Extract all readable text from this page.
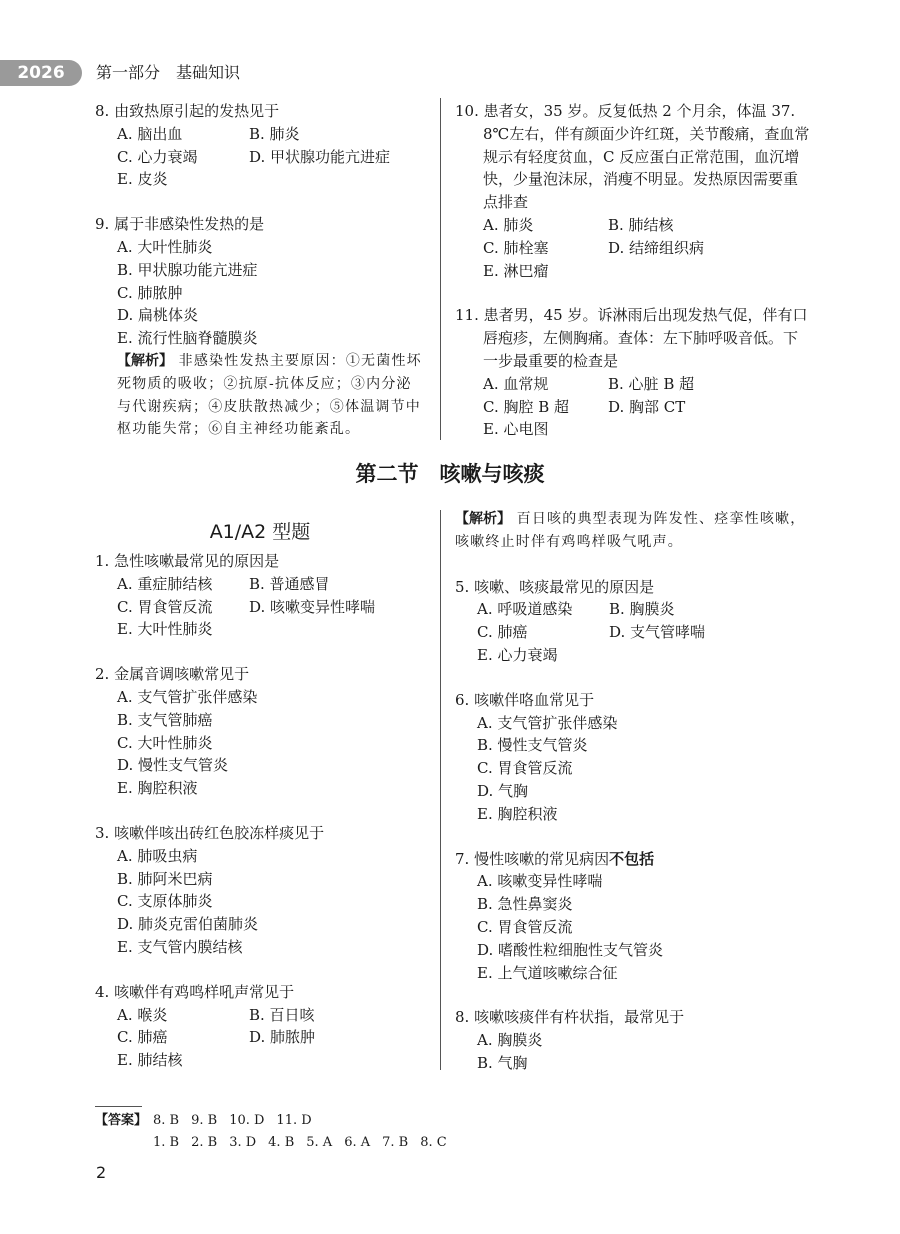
2026	第一部分　基础知识

8. 由致热原引起的发热见于

A. 脑出血	B. 肺炎
C. 心力衰竭	D. 甲状腺功能亢进症

E. 皮炎

9. 属于非感染性发热的是

A. 大叶性肺炎

B. 甲状腺功能亢进症

C. 肺脓肿

D. 扁桃体炎

E. 流行性脑脊髓膜炎

【解析】 非感染性发热主要原因：①无菌性坏死物质的吸收；②抗原-抗体反应；③内分泌与代谢疾病；④皮肤散热减少；⑤体温调节中枢功能失常；⑥自主神经功能紊乱。

10. 患者女，35 岁。反复低热 2 个月余，体温 37. 8℃左右，伴有颜面少许红斑，关节酸痛，查血常规示有轻度贫血，C 反应蛋白正常范围，血沉增快，少量泡沫尿，消瘦不明显。发热原因需要重点排查

A. 肺炎	B. 肺结核
C. 肺栓塞	D. 结缔组织病

E. 淋巴瘤

11. 患者男，45 岁。诉淋雨后出现发热气促，伴有口唇疱疹，左侧胸痛。查体：左下肺呼吸音低。下一步最重要的检查是

A. 血常规	B. 心脏 B 超
C. 胸腔 B 超	D. 胸部 CT

E. 心电图

第二节　咳嗽与咳痰
A1/A2 型题

1. 急性咳嗽最常见的原因是

A. 重症肺结核	B. 普通感冒
C. 胃食管反流	D. 咳嗽变异性哮喘

E. 大叶性肺炎

2. 金属音调咳嗽常见于

A. 支气管扩张伴感染

B. 支气管肺癌

C. 大叶性肺炎

D. 慢性支气管炎

E. 胸腔积液

3. 咳嗽伴咳出砖红色胶冻样痰见于

A. 肺吸虫病

B. 肺阿米巴病

C. 支原体肺炎

D. 肺炎克雷伯菌肺炎

E. 支气管内膜结核

4. 咳嗽伴有鸡鸣样吼声常见于

A. 喉炎	B. 百日咳
C. 肺癌	D. 肺脓肿

E. 肺结核

【解析】 百日咳的典型表现为阵发性、痉挛性咳嗽，咳嗽终止时伴有鸡鸣样吸气吼声。

5. 咳嗽、咳痰最常见的原因是

A. 呼吸道感染	B. 胸膜炎
C. 肺癌	D. 支气管哮喘

E. 心力衰竭

6. 咳嗽伴咯血常见于

A. 支气管扩张伴感染

B. 慢性支气管炎

C. 胃食管反流

D. 气胸

E. 胸腔积液

7. 慢性咳嗽的常见病因不包括

A. 咳嗽变异性哮喘

B. 急性鼻窦炎

C. 胃食管反流

D. 嗜酸性粒细胞性支气管炎

E. 上气道咳嗽综合征

8. 咳嗽咳痰伴有杵状指，最常见于

A. 胸膜炎

B. 气胸

【答案】 8. B 9. B 10. D 11. D
1. B 2. B 3. D 4. B 5. A 6. A 7. B 8. C
2
